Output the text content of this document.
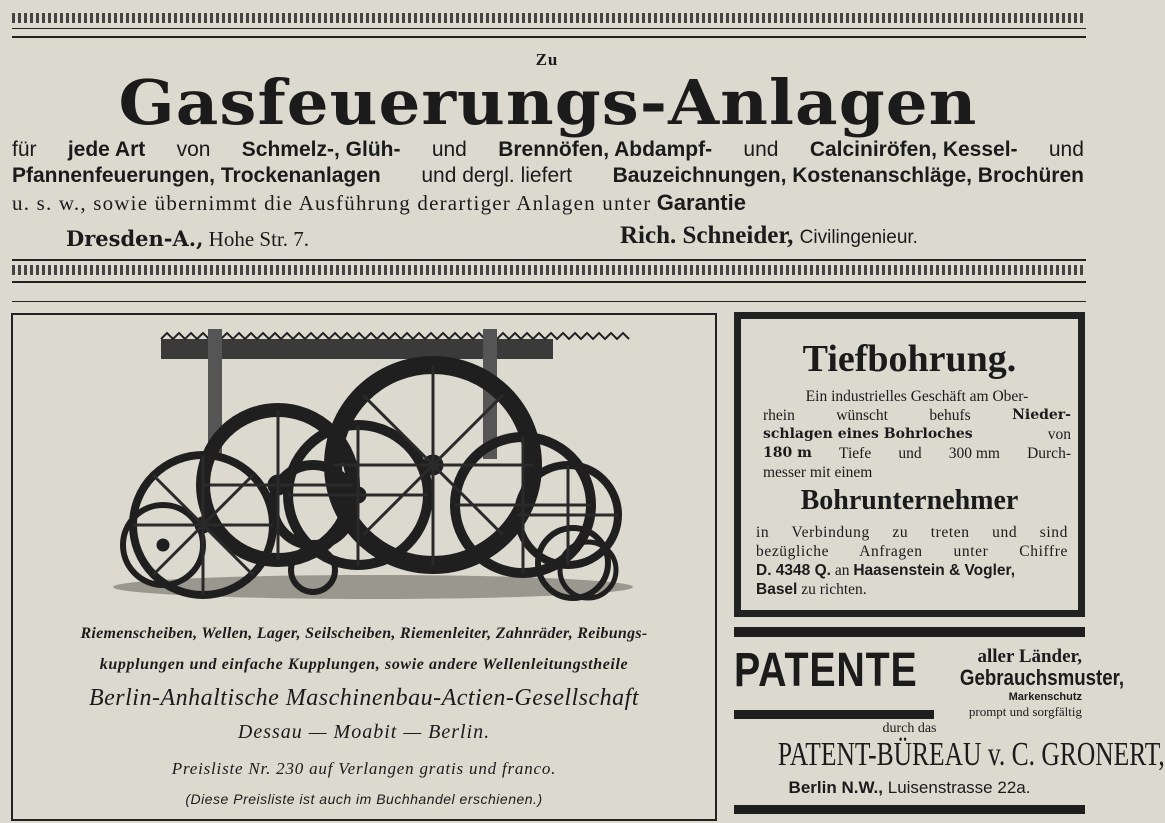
Zu
Gasfeuerungs-Anlagen
für jede Art von Schmelz-, Glüh- und Brennöfen, Abdampf- und Calciniröfen, Kessel- und
Pfannenfeuerungen, Trockenanlagen und dergl. liefert Bauzeichnungen, Kostenanschläge, Brochüren
u. s. w., sowie übernimmt die Ausführung derartiger Anlagen unter Garantie
Dresden-A., Hohe Str. 7.	Rich. Schneider, Civilingenieur.
Riemenscheiben, Wellen, Lager, Seilscheiben, Riemenleiter, Zahnräder, Reibungs-
kupplungen und einfache Kupplungen, sowie andere Wellenleitungstheile
Berlin-Anhaltische Maschinenbau-Actien-Gesellschaft
Dessau — Moabit — Berlin.
Preisliste Nr. 230 auf Verlangen gratis und franco.
(Diese Preisliste ist auch im Buchhandel erschienen.)
Tiefbohrung.
Ein industrielles Geschäft am Ober-
rhein	wünscht	behufs	Nieder-
schlagen eines Bohrloches	von
180 m Tiefe und 300 mm Durch-
messer mit einem
Bohrunternehmer
in Verbindung zu treten und sind
bezügliche Anfragen unter Chiffre
D. 4348 Q. an Haasenstein & Vogler,
Basel zu richten.
PATENTE	aller Länder,
Gebrauchsmuster,
Markenschutz
prompt und sorgfältig
durch das
PATENT-BÜREAU v. C. GRONERT,
Berlin N.W., Luisenstrasse 22a.
